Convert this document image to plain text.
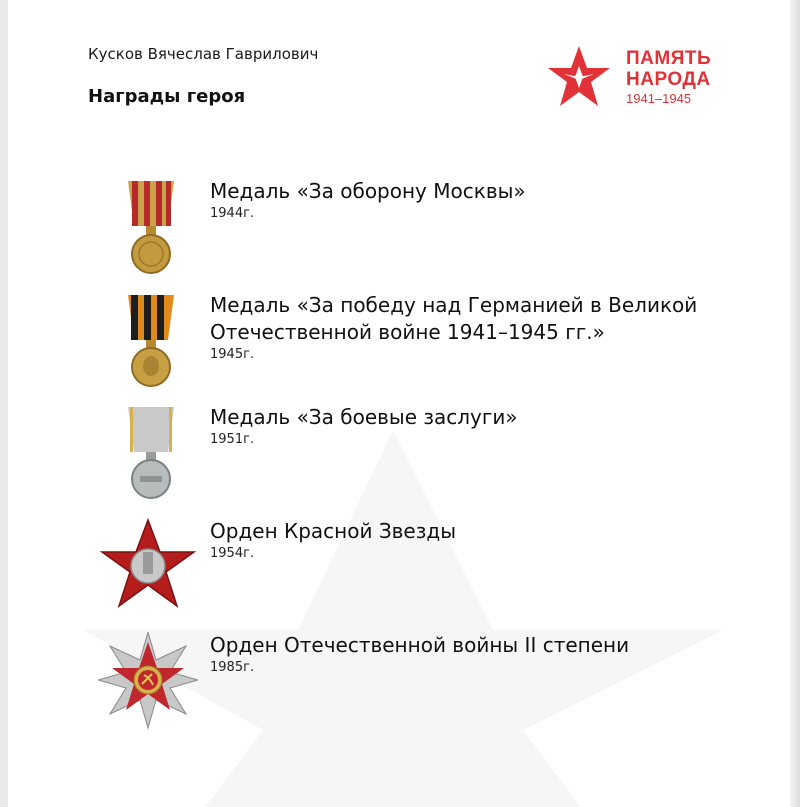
Кусков Вячеслав Гаврилович
Награды героя
ПАМЯТЬ
НАРОДА
1941–1945
Медаль «За оборону Москвы»
1944г.
Медаль «За победу над Германией в Великой Отечественной войне 1941–1945 гг.»
1945г.
Медаль «За боевые заслуги»
1951г.
Орден Красной Звезды
1954г.
Орден Отечественной войны II степени
1985г.
